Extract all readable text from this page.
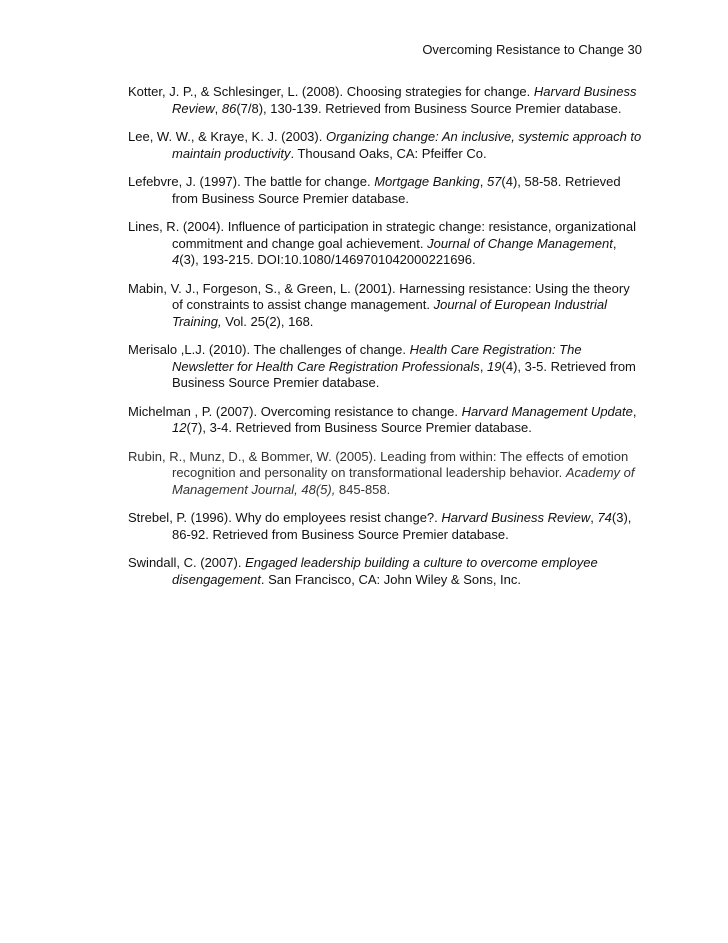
Overcoming Resistance to Change 30
Kotter, J. P., & Schlesinger, L. (2008). Choosing strategies for change. Harvard Business Review, 86(7/8), 130-139. Retrieved from Business Source Premier database.
Lee, W. W., & Kraye, K. J. (2003). Organizing change: An inclusive, systemic approach to maintain productivity. Thousand Oaks, CA: Pfeiffer Co.
Lefebvre, J. (1997). The battle for change. Mortgage Banking, 57(4), 58-58. Retrieved from Business Source Premier database.
Lines, R. (2004). Influence of participation in strategic change: resistance, organizational commitment and change goal achievement. Journal of Change Management, 4(3), 193-215. DOI:10.1080/1469701042000221696.
Mabin, V. J., Forgeson, S., & Green, L. (2001). Harnessing resistance: Using the theory of constraints to assist change management. Journal of European Industrial Training, Vol. 25(2), 168.
Merisalo ,L.J. (2010). The challenges of change. Health Care Registration: The Newsletter for Health Care Registration Professionals, 19(4), 3-5. Retrieved from Business Source Premier database.
Michelman , P. (2007). Overcoming resistance to change. Harvard Management Update, 12(7), 3-4. Retrieved from Business Source Premier database.
Rubin, R., Munz, D., & Bommer, W. (2005). Leading from within: The effects of emotion recognition and personality on transformational leadership behavior. Academy of Management Journal, 48(5), 845-858.
Strebel, P. (1996). Why do employees resist change?. Harvard Business Review, 74(3), 86-92. Retrieved from Business Source Premier database.
Swindall, C. (2007). Engaged leadership building a culture to overcome employee disengagement. San Francisco, CA: John Wiley & Sons, Inc.
